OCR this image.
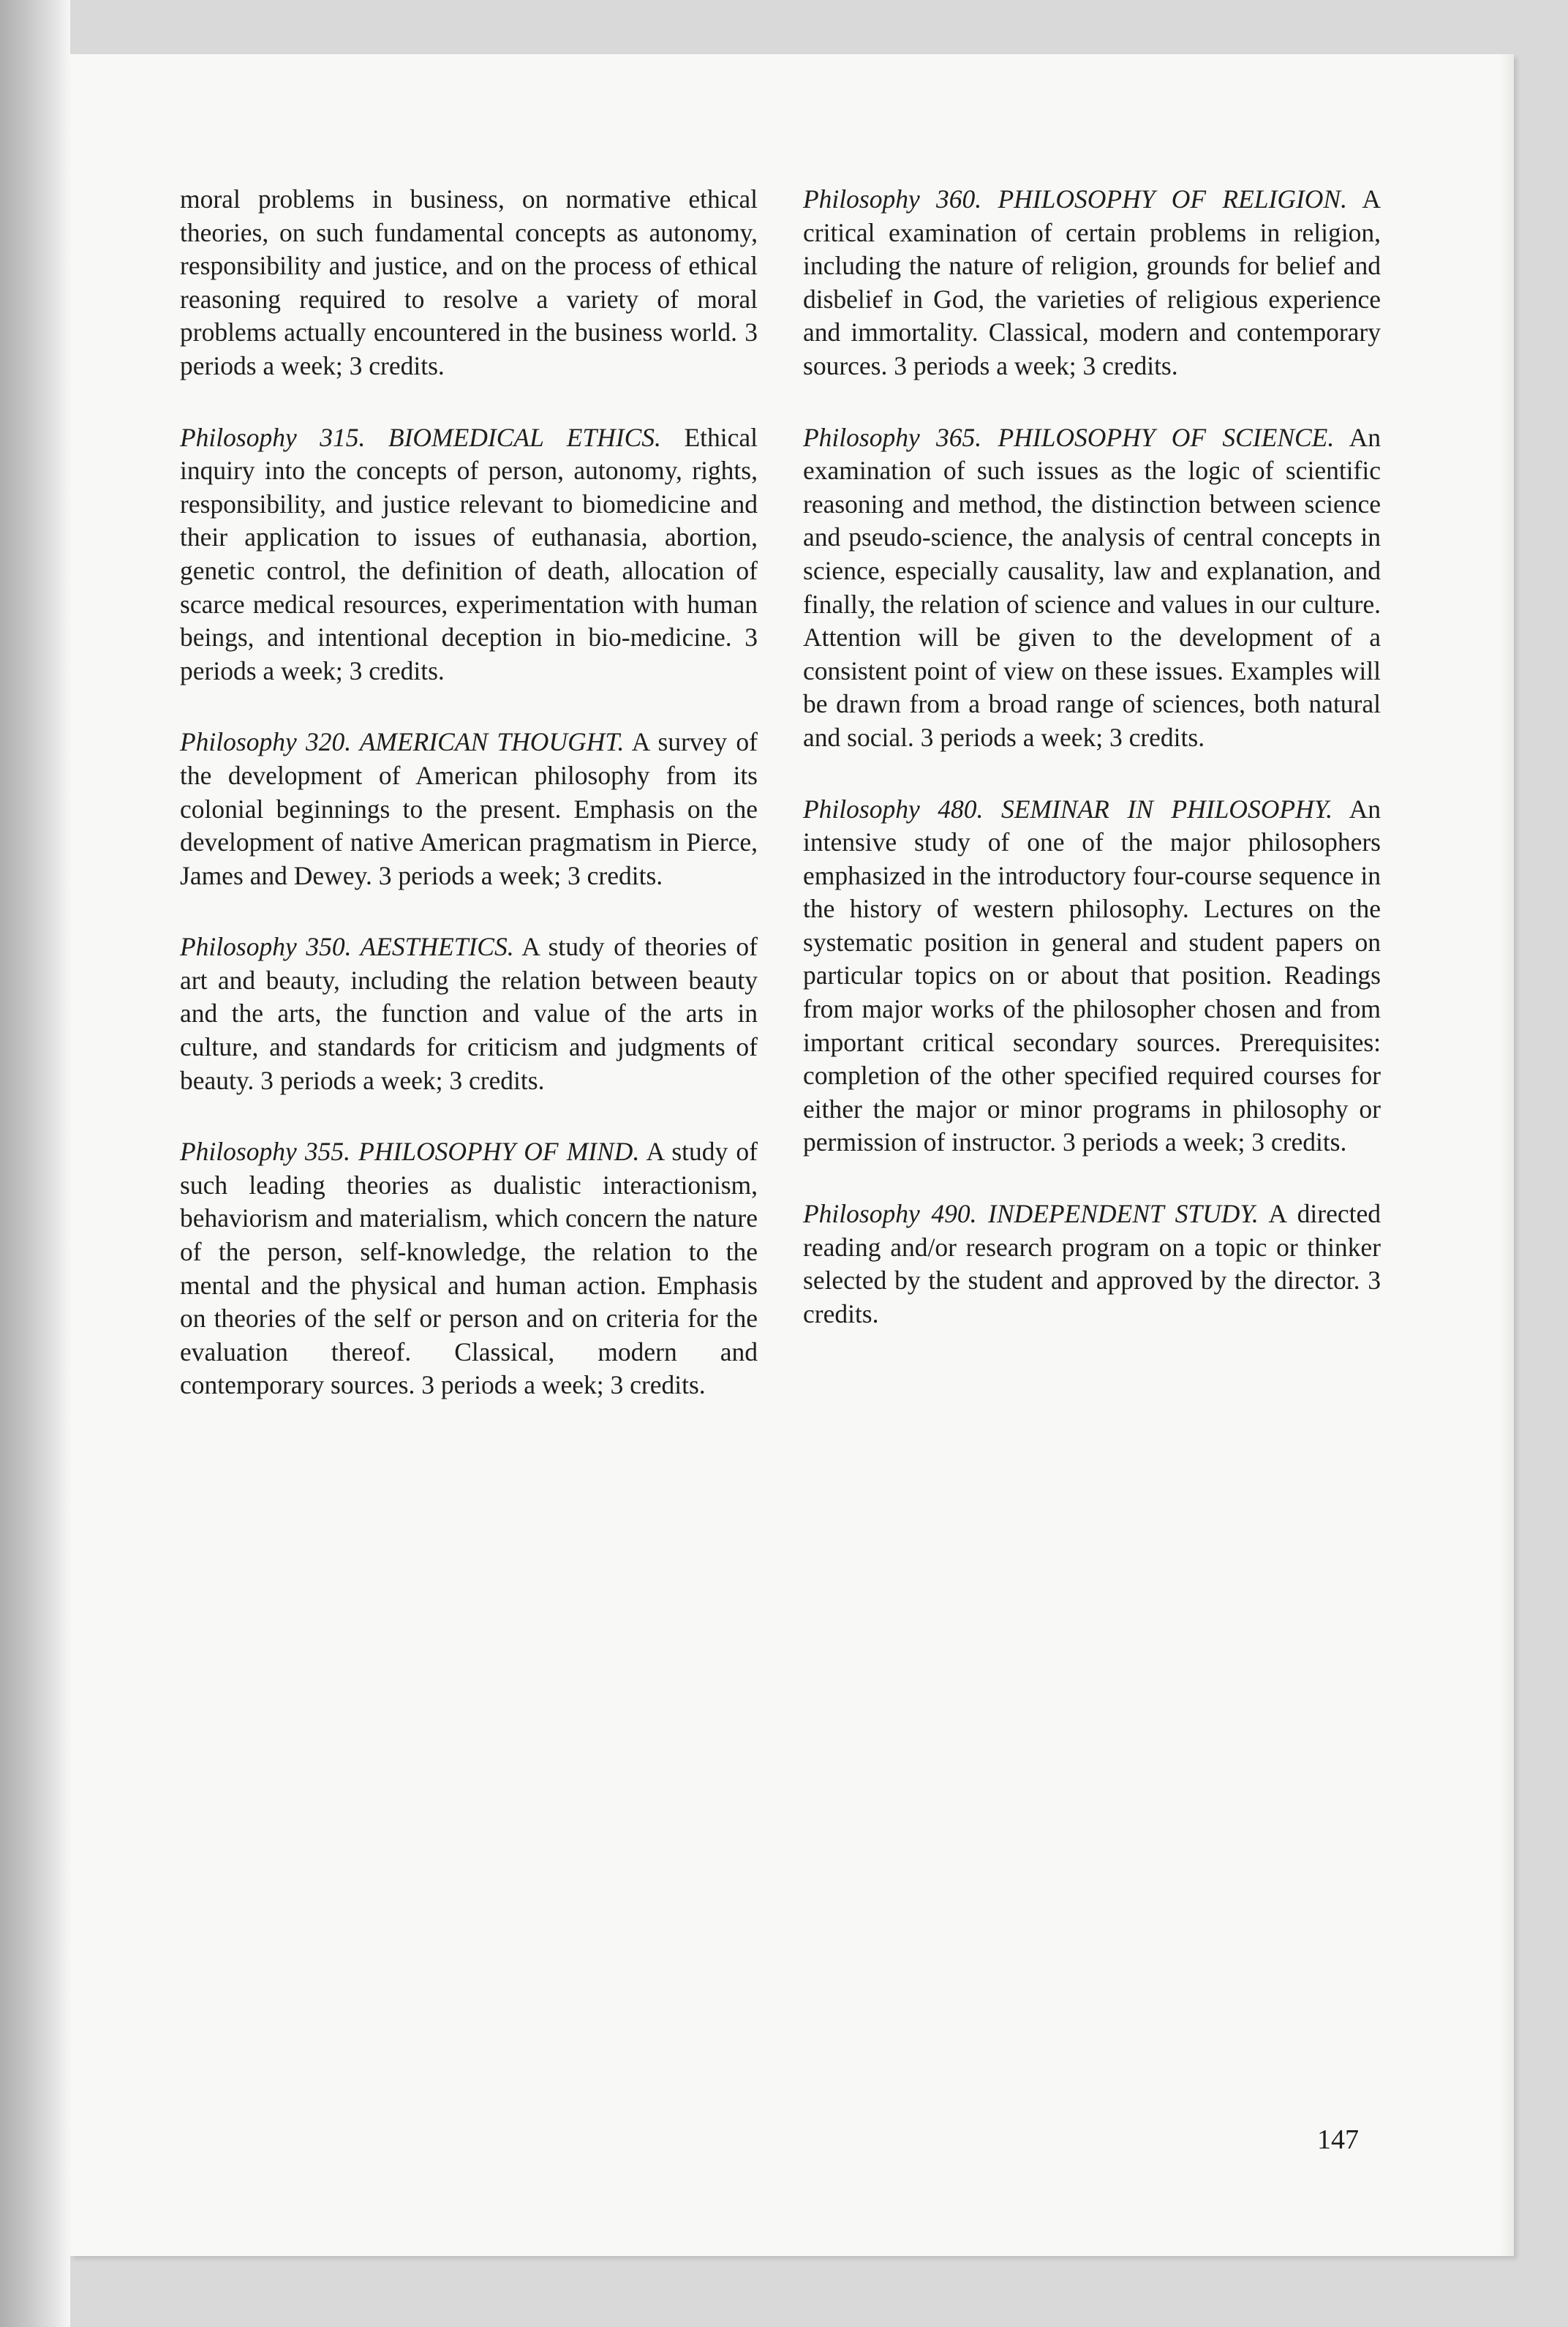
moral problems in business, on normative ethical theories, on such fundamental concepts as autonomy, responsibility and justice, and on the process of ethical reasoning required to resolve a variety of moral problems actually encountered in the business world. 3 periods a week; 3 credits.

Philosophy 315. BIOMEDICAL ETHICS. Ethical inquiry into the concepts of person, autonomy, rights, responsibility, and justice relevant to biomedicine and their application to issues of euthanasia, abortion, genetic control, the definition of death, allocation of scarce medical resources, experimentation with human beings, and intentional deception in bio-medicine. 3 periods a week; 3 credits.

Philosophy 320. AMERICAN THOUGHT. A survey of the development of American philosophy from its colonial beginnings to the present. Emphasis on the development of native American pragmatism in Pierce, James and Dewey. 3 periods a week; 3 credits.

Philosophy 350. AESTHETICS. A study of theories of art and beauty, including the relation between beauty and the arts, the function and value of the arts in culture, and standards for criticism and judgments of beauty. 3 periods a week; 3 credits.

Philosophy 355. PHILOSOPHY OF MIND. A study of such leading theories as dualistic interactionism, behaviorism and materialism, which concern the nature of the person, self-knowledge, the relation to the mental and the physical and human action. Emphasis on theories of the self or person and on criteria for the evaluation thereof. Classical, modern and contemporary sources. 3 periods a week; 3 credits.

Philosophy 360. PHILOSOPHY OF RELIGION. A critical examination of certain problems in religion, including the nature of religion, grounds for belief and disbelief in God, the varieties of religious experience and immortality. Classical, modern and contemporary sources. 3 periods a week; 3 credits.

Philosophy 365. PHILOSOPHY OF SCIENCE. An examination of such issues as the logic of scientific reasoning and method, the distinction between science and pseudo-science, the analysis of central concepts in science, especially causality, law and explanation, and finally, the relation of science and values in our culture. Attention will be given to the development of a consistent point of view on these issues. Examples will be drawn from a broad range of sciences, both natural and social. 3 periods a week; 3 credits.

Philosophy 480. SEMINAR IN PHILOSOPHY. An intensive study of one of the major philosophers emphasized in the introductory four-course sequence in the history of western philosophy. Lectures on the systematic position in general and student papers on particular topics on or about that position. Readings from major works of the philosopher chosen and from important critical secondary sources. Prerequisites: completion of the other specified required courses for either the major or minor programs in philosophy or permission of instructor. 3 periods a week; 3 credits.

Philosophy 490. INDEPENDENT STUDY. A directed reading and/or research program on a topic or thinker selected by the student and approved by the director. 3 credits.

147
